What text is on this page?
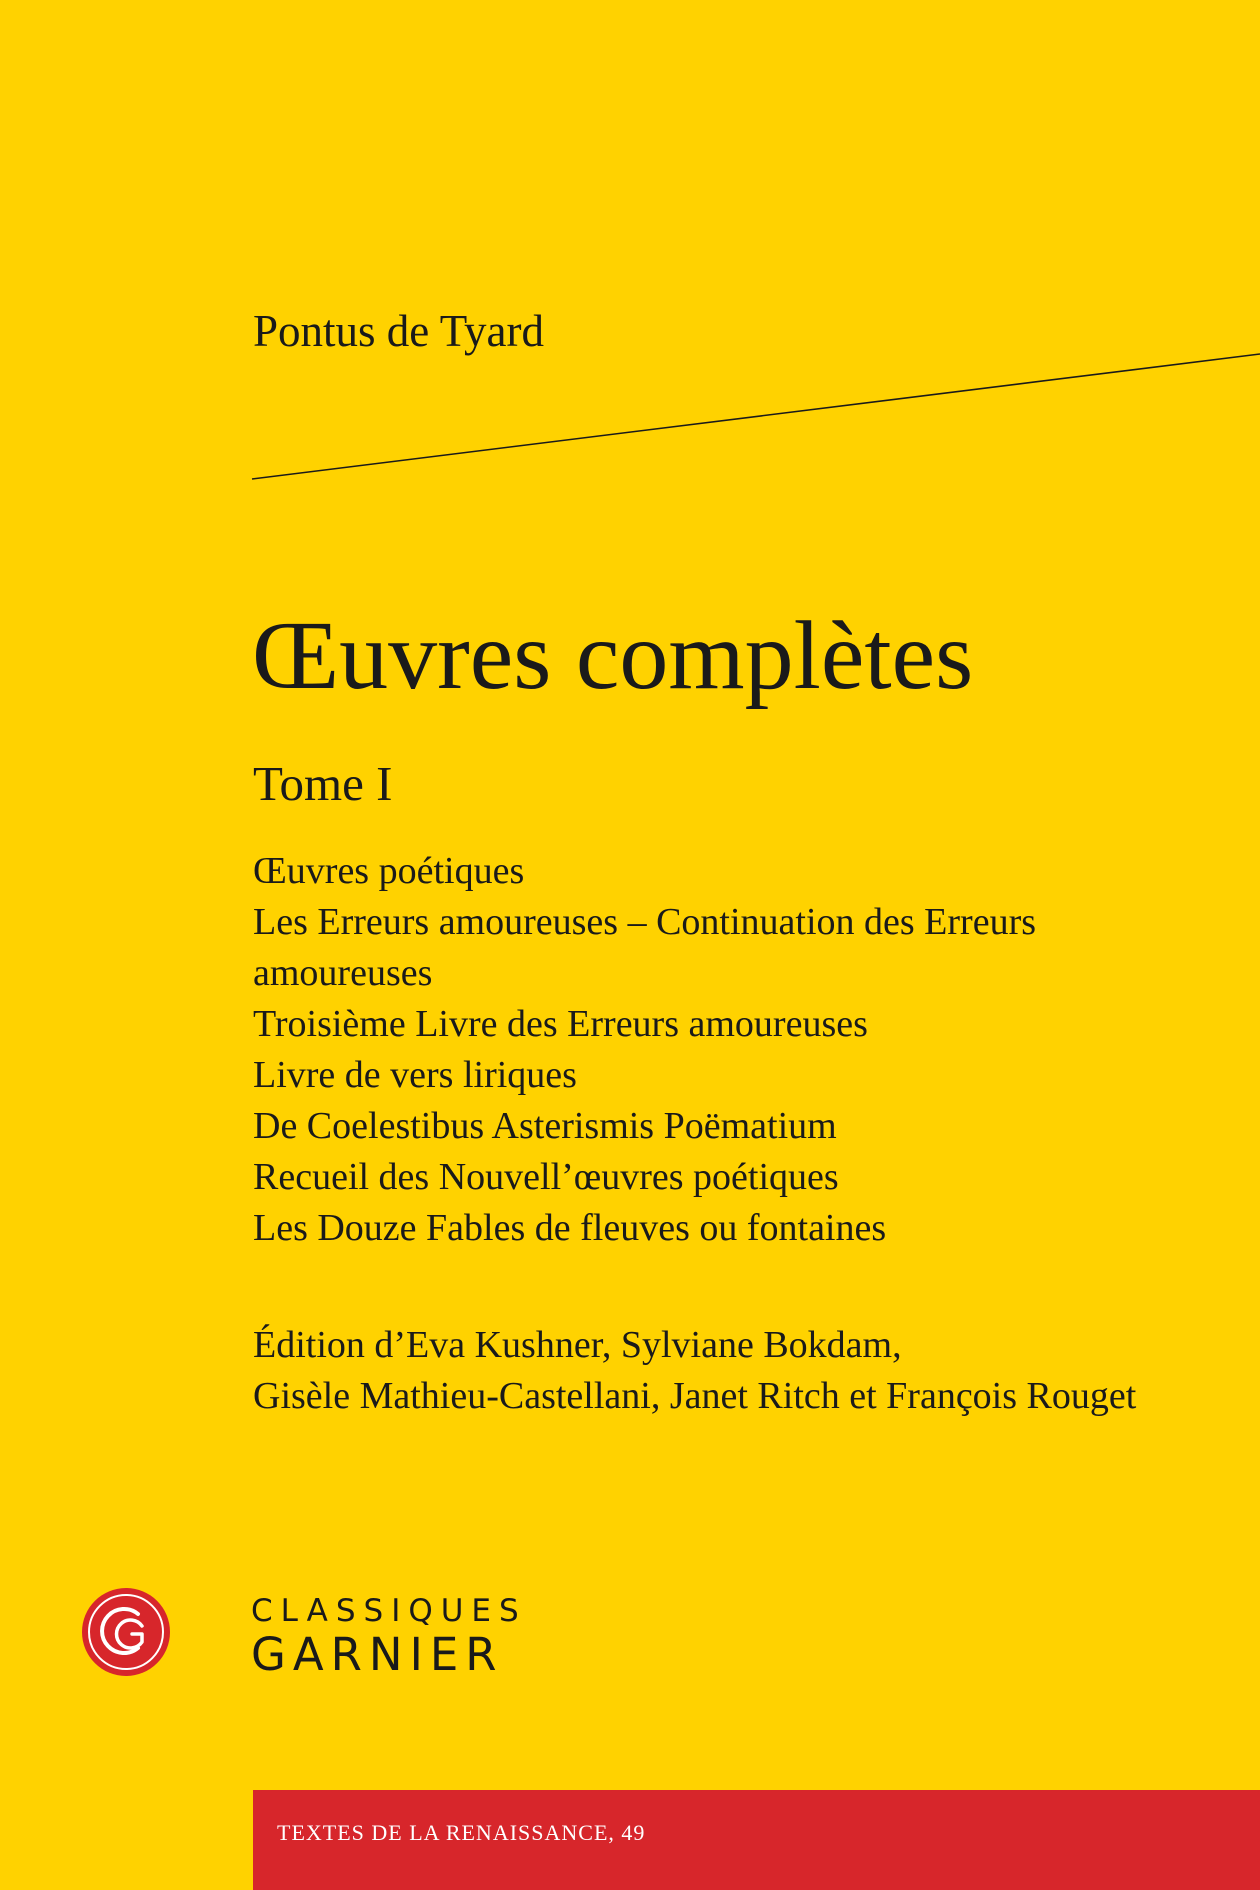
Pontus de Tyard
Œuvres complètes
Tome I
Œuvres poétiques
Les Erreurs amoureuses – Continuation des Erreurs
amoureuses
Troisième Livre des Erreurs amoureuses
Livre de vers liriques
De Coelestibus Asterismis Poëmatium
Recueil des Nouvell’œuvres poétiques
Les Douze Fables de fleuves ou fontaines
Édition d’Eva Kushner, Sylviane Bokdam,
Gisèle Mathieu-Castellani, Janet Ritch et François Rouget
CLASSIQUES
GARNIER
TEXTES DE LA RENAISSANCE, 49
